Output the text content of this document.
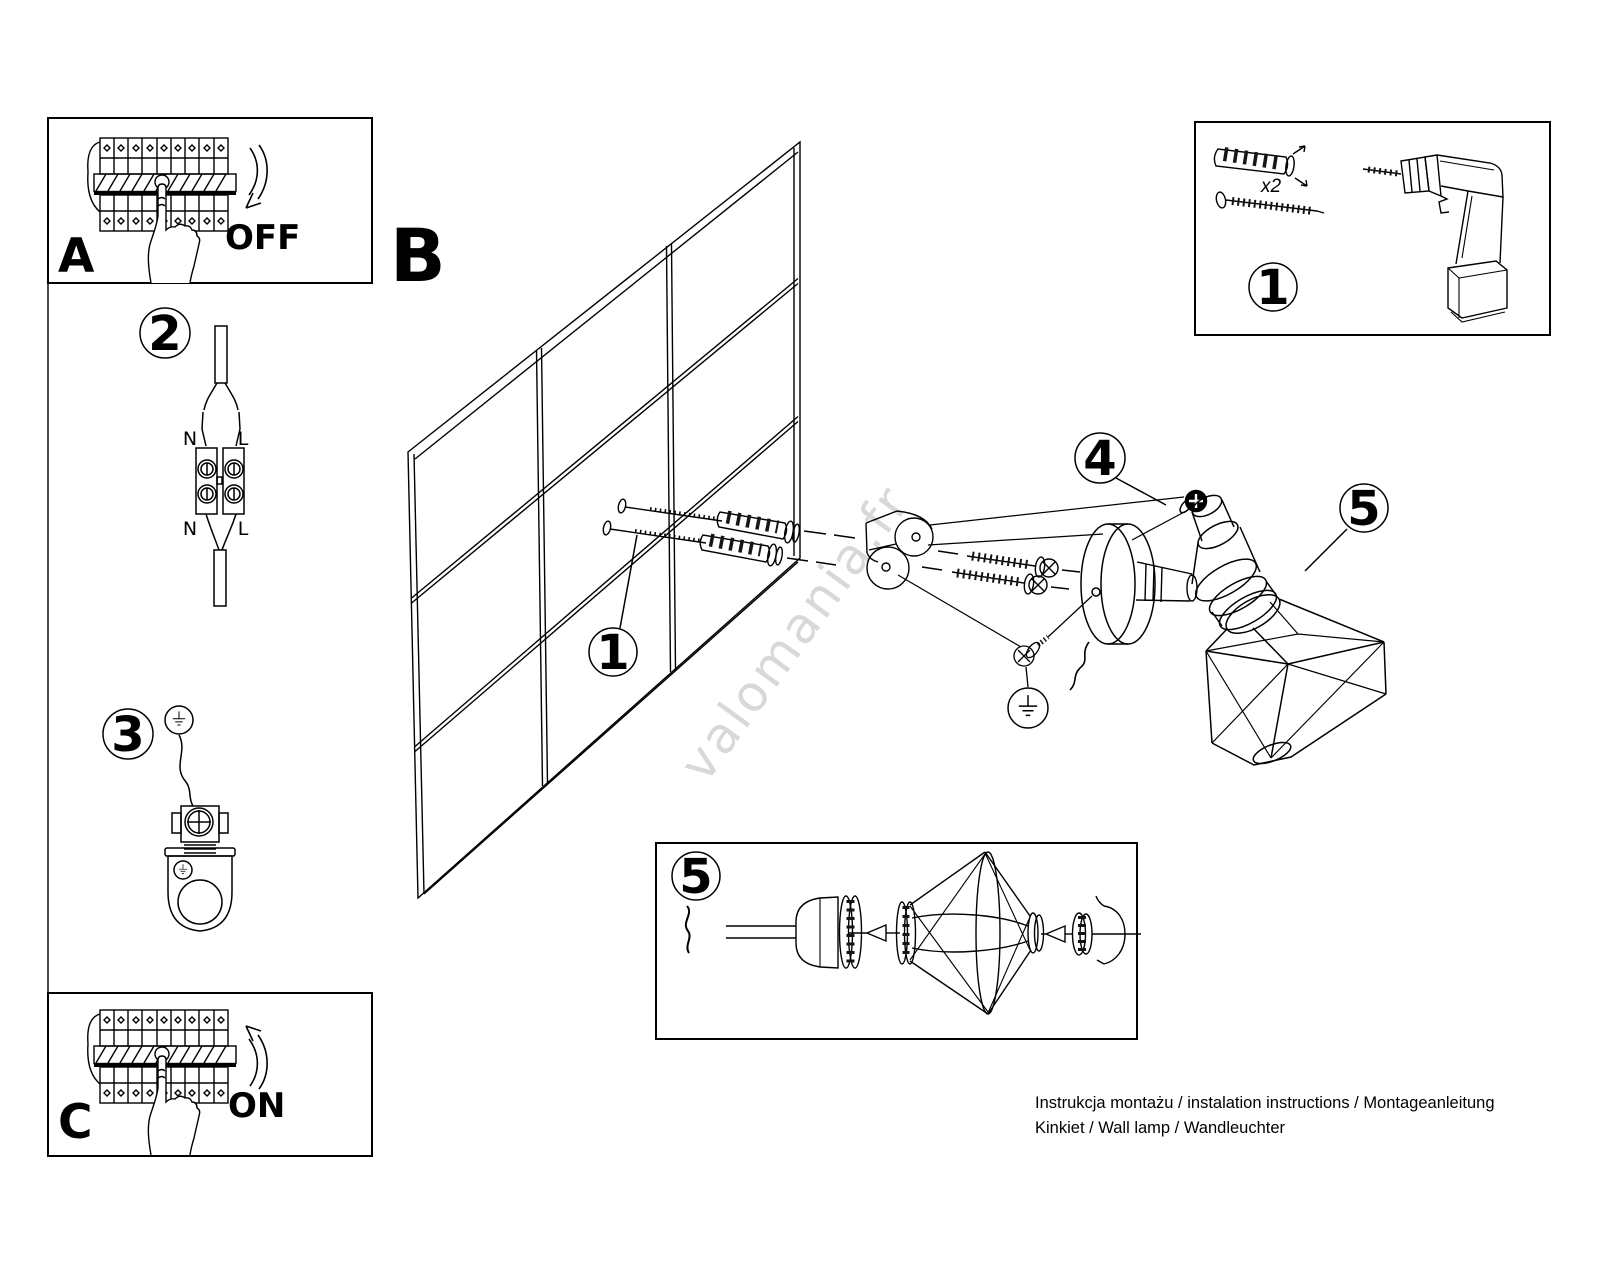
valomania.fr
OFF
A
ON
C
2
N L
N L
3
B
1
4
5
x2
1
5
Instrukcja montażu / instalation instructions / Montageanleitung
Kinkiet / Wall lamp / Wandleuchter
